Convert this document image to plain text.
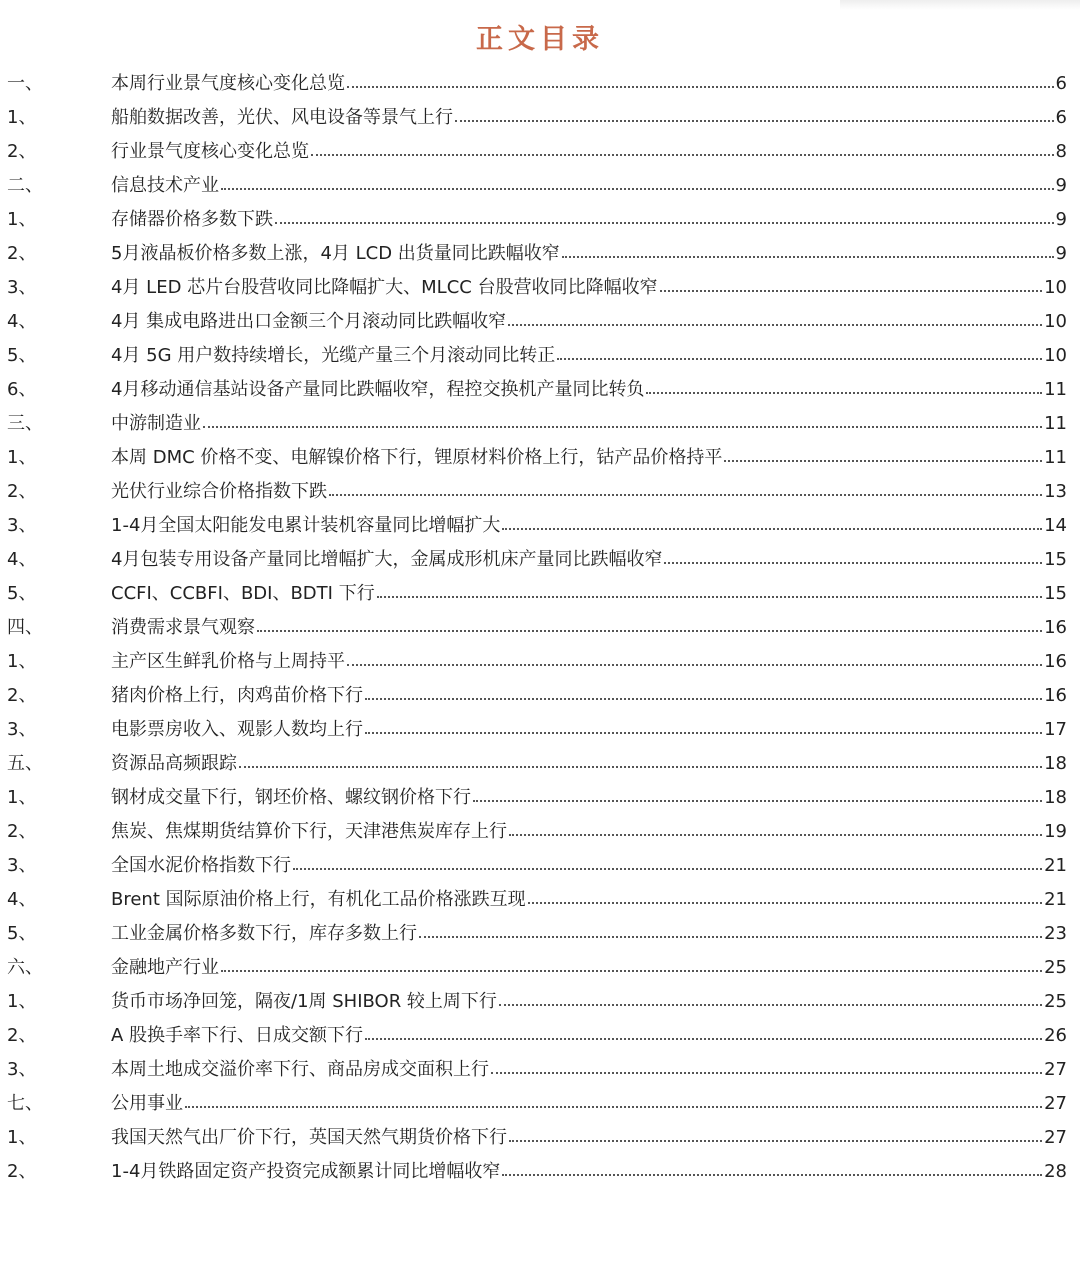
正文目录
一、	本周行业景气度核心变化总览	6
1、	船舶数据改善，光伏、风电设备等景气上行	6
2、	行业景气度核心变化总览	8
二、	信息技术产业	9
1、	存储器价格多数下跌	9
2、	5月液晶板价格多数上涨，4月 LCD 出货量同比跌幅收窄	9
3、	4月 LED 芯片台股营收同比降幅扩大、MLCC 台股营收同比降幅收窄	10
4、	4月 集成电路进出口金额三个月滚动同比跌幅收窄	10
5、	4月 5G 用户数持续增长，光缆产量三个月滚动同比转正	10
6、	4月移动通信基站设备产量同比跌幅收窄，程控交换机产量同比转负	11
三、	中游制造业	11
1、	本周 DMC 价格不变、电解镍价格下行，锂原材料价格上行，钴产品价格持平	11
2、	光伏行业综合价格指数下跌	13
3、	1-4月全国太阳能发电累计装机容量同比增幅扩大	14
4、	4月包装专用设备产量同比增幅扩大，金属成形机床产量同比跌幅收窄	15
5、	CCFI、CCBFI、BDI、BDTI 下行	15
四、	消费需求景气观察	16
1、	主产区生鲜乳价格与上周持平	16
2、	猪肉价格上行，肉鸡苗价格下行	16
3、	电影票房收入、观影人数均上行	17
五、	资源品高频跟踪	18
1、	钢材成交量下行，钢坯价格、螺纹钢价格下行	18
2、	焦炭、焦煤期货结算价下行，天津港焦炭库存上行	19
3、	全国水泥价格指数下行	21
4、	Brent 国际原油价格上行，有机化工品价格涨跌互现	21
5、	工业金属价格多数下行，库存多数上行	23
六、	金融地产行业	25
1、	货币市场净回笼，隔夜/1周 SHIBOR 较上周下行	25
2、	A 股换手率下行、日成交额下行	26
3、	本周土地成交溢价率下行、商品房成交面积上行	27
七、	公用事业	27
1、	我国天然气出厂价下行，英国天然气期货价格下行	27
2、	1-4月铁路固定资产投资完成额累计同比增幅收窄	28
